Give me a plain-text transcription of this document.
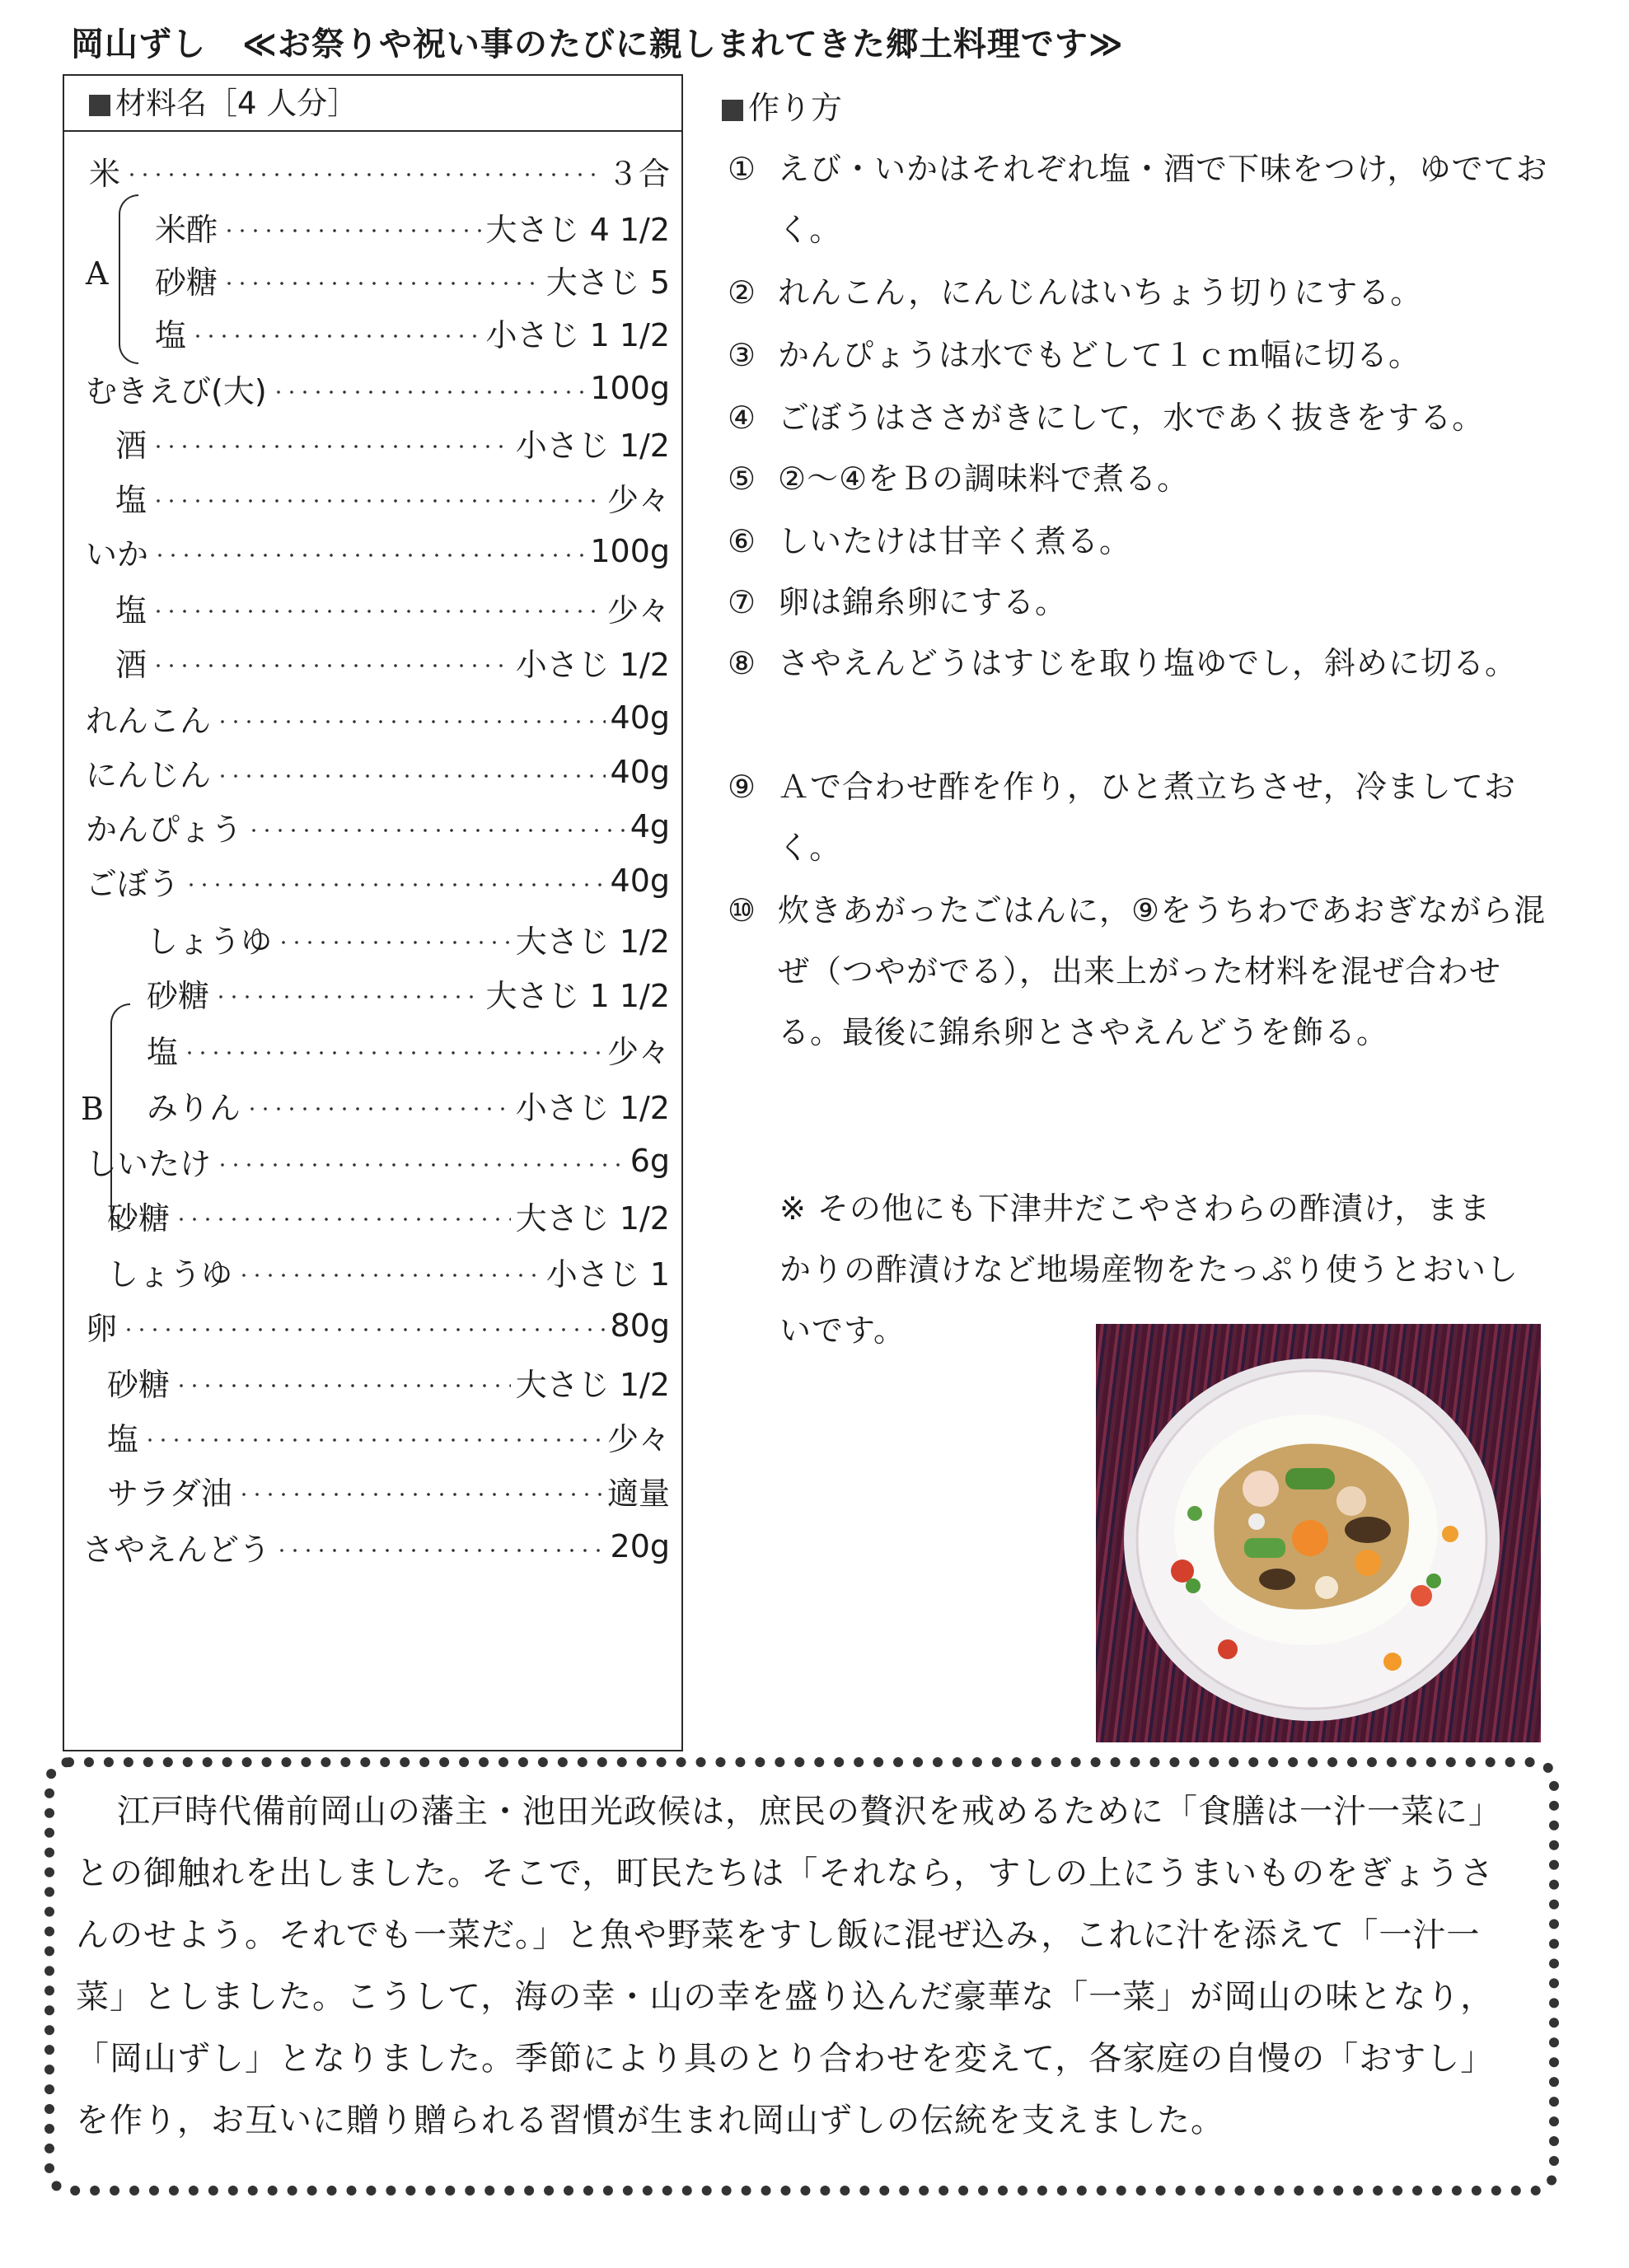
岡山ずし ≪お祭りや祝い事のたびに親しまれてきた郷土料理です≫
材料名［4 人分］
A
B
米	３合
米酢	大さじ 4 1/2
砂糖	大さじ 5
塩	小さじ 1 1/2
むきえび(大)	100g
酒	小さじ 1/2
塩	少々
いか	100g
塩	少々
酒	小さじ 1/2
れんこん	40g
にんじん	40g
かんぴょう	4g
ごぼう	40g
しょうゆ	大さじ 1/2
砂糖	大さじ 1 1/2
塩	少々
みりん	小さじ 1/2
しいたけ	6g
砂糖	大さじ 1/2
しょうゆ	小さじ 1
卵	80g
砂糖	大さじ 1/2
塩	少々
サラダ油	適量
さやえんどう	20g
作り方
① えび・いかはそれぞれ塩・酒で下味をつけ，ゆでておく。
② れんこん，にんじんはいちょう切りにする。
③ かんぴょうは水でもどして１ｃｍ幅に切る。
④ ごぼうはささがきにして，水であく抜きをする。
⑤ ②～④をＢの調味料で煮る。
⑥ しいたけは甘辛く煮る。
⑦ 卵は錦糸卵にする。
⑧ さやえんどうはすじを取り塩ゆでし，斜めに切る。
⑨ Ａで合わせ酢を作り，ひと煮立ちさせ，冷ましておく。
⑩ 炊きあがったごはんに，⑨をうちわであおぎながら混ぜ（つやがでる），出来上がった材料を混ぜ合わせる。最後に錦糸卵とさやえんどうを飾る。
※ その他にも下津井だこやさわらの酢漬け，ままかりの酢漬けなど地場産物をたっぷり使うとおいしいです。

江戸時代備前岡山の藩主・池田光政候は，庶民の贅沢を戒めるために「食膳は一汁一菜に」との御触れを出しました。そこで，町民たちは「それなら，すしの上にうまいものをぎょうさんのせよう。それでも一菜だ。」と魚や野菜をすし飯に混ぜ込み，これに汁を添えて「一汁一菜」としました。こうして，海の幸・山の幸を盛り込んだ豪華な「一菜」が岡山の味となり，「岡山ずし」となりました。季節により具のとり合わせを変えて，各家庭の自慢の「おすし」を作り，お互いに贈り贈られる習慣が生まれ岡山ずしの伝統を支えました。
